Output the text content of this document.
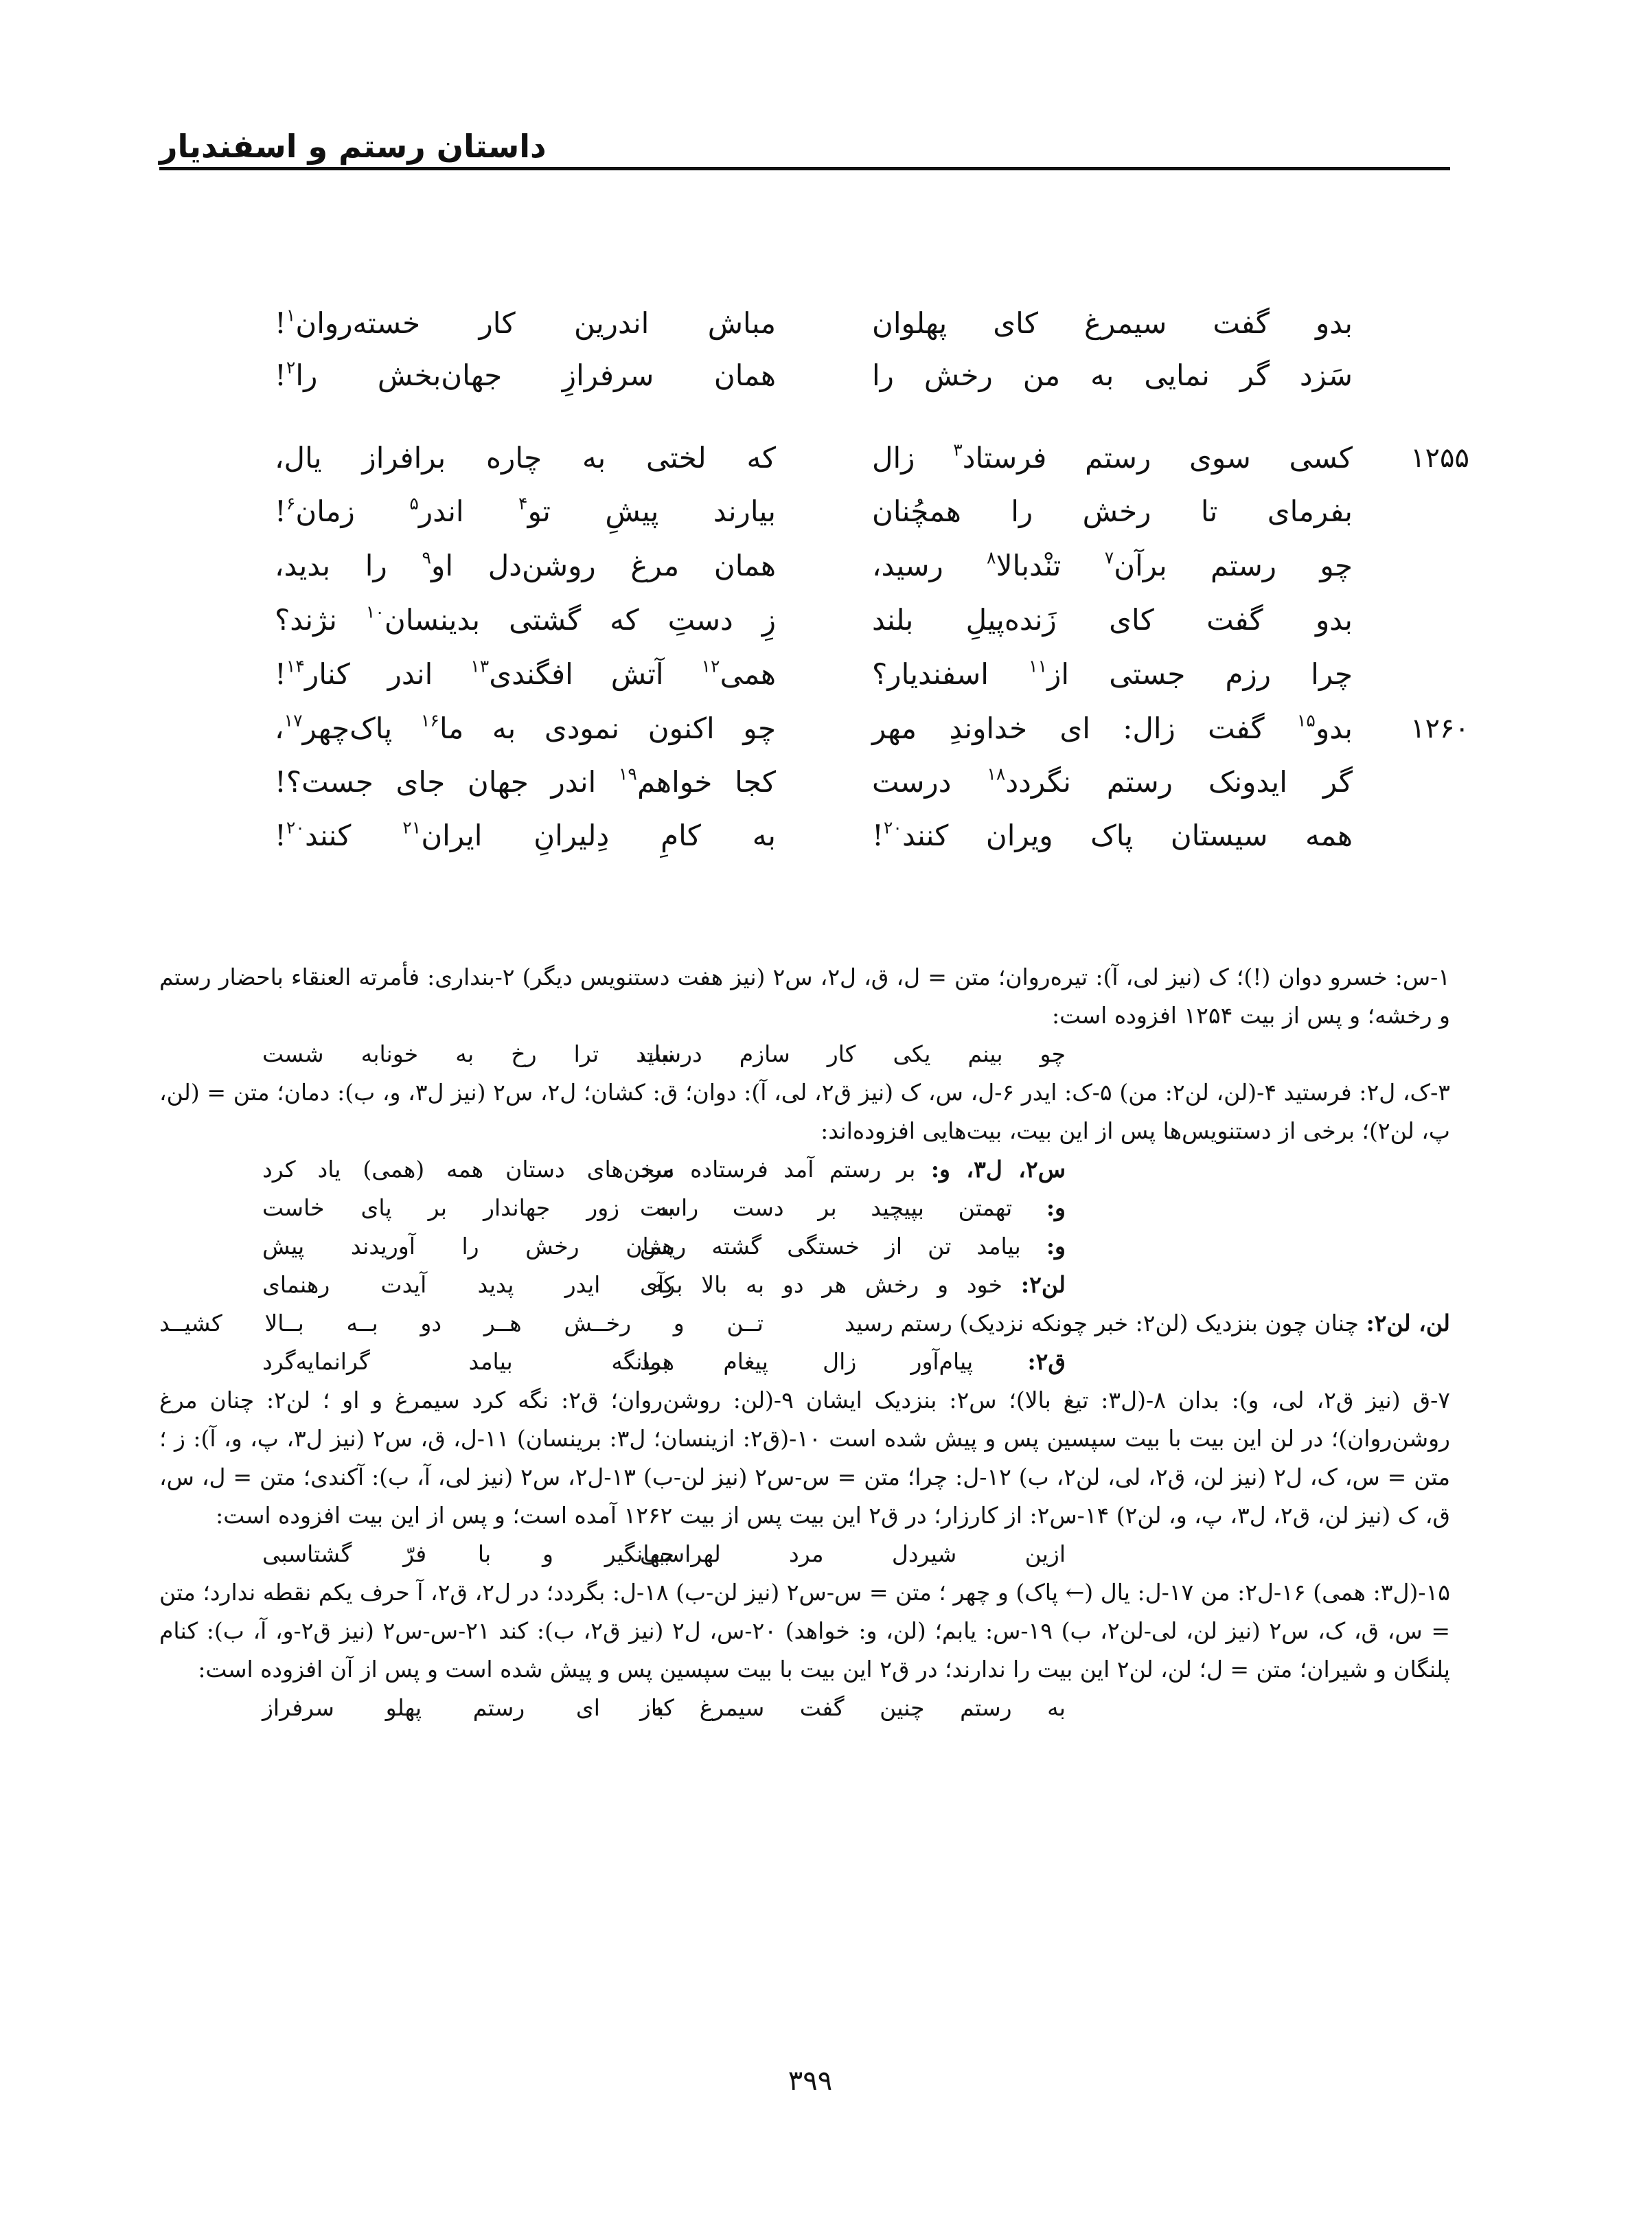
داستان رستم و اسفندیار
بدو گفت سیمرغ کای پهلوان
مباش اندرین کار خسته‌روان$^۱$!
سَزد گر نمایی به من رخش را
همان سرفرازِ جهان‌بخش را$^۲$!
۱۲۵۵
کسی سوی رستم فرستاد$^۳$ زال
که لختی به چاره برافراز یال،
بفرمای تا رخش را همچُنان
بیارند پیشِ تو$^۴$ اندر$^۵$ زمان$^۶$!
چو رستم برآن$^۷$ تنْدبالا$^۸$ رسید،
همان مرغ روشن‌دل او$^۹$ را بدید،
بدو گفت کای زَنده‌پیلِ بلند
زِ دستِ که گشتی بدینسان$^{۱۰}$ نژند؟
چرا رزم جستی از$^{۱۱}$ اسفندیار؟
همی$^{۱۲}$ آتش افگندی$^{۱۳}$ اندر کنار$^{۱۴}$!
۱۲۶۰
بدو$^{۱۵}$ گفت زال: ای خداوندِ مهر
چو اکنون نمودی به ما$^{۱۶}$ پاک‌چهر$^{۱۷}$،
گر ایدونک رستم نگردد$^{۱۸}$ درست
کجا خواهم$^{۱۹}$ اندر جهان جای جست؟!
همه سیستان پاک ویران کنند$^{۲۰}$!
به کامِ دِلیرانِ ایران$^{۲۱}$ کنند$^{۲۰}$!

۱-س: خسرو دوان (!)؛ ک (نیز لی، آ): تیره‌روان؛ متن = ل، ق، ل۲، س۲ (نیز هفت دستنویس دیگر) ۲-بنداری: فأمرته العنقاء باحضار رستم و رخشه؛ و پس از بیت ۱۲۵۴ افزوده است:

چو بینم یکی کار سازم درست
نباید ترا رخ به خونابه شست

۳-ک، ل۲: فرستید ۴-(لن، لن۲: من) ۵-ک: ایدر ۶-ل، س، ک (نیز ق۲، لی، آ): دوان؛ ق: کشان؛ ل۲، س۲ (نیز ل۳، و، ب): دمان؛ متن = (لن، پ، لن۲)؛ برخی از دستنویس‌ها پس از این بیت، بیت‌هایی افزوده‌اند:

س۲، ل۳، و: بر رستم آمد فرستاده مرد
سخن‌های دستان همه (همی) یاد کرد
و: تهمتن بپیچید بر دست راست
به زور جهاندار بر پای خاست
و: بیامد تن از خستگی گشته ریش
همان رخش را آوریدند پیش
لن۲: خود و رخش هر دو به بالا برآی
که ایدر پدید آیدت رهنمای
لن، لن۲: چنان چون بنزدیک (لن۲: خبر چونکه نزدیک) رستم رسید
تــن و رخــش هــر دو بــه بــالا کشیــد
ق۲: پیام‌آور زال پیغام برد
همانگه بیامد گرانمایه‌گرد

۷-ق (نیز ق۲، لی، و): بدان ۸-(ل۳: تیغ بالا)؛ س۲: بنزدیک ایشان ۹-(لن: روشن‌روان؛ ق۲: نگه کرد سیمرغ و او ؛ لن۲: چنان مرغ روشن‌روان)؛ در لن این بیت با بیت سپسین پس و پیش شده است ۱۰-(ق۲: ازینسان؛ ل۳: برینسان) ۱۱-ل، ق، س۲ (نیز ل۳، پ، و، آ): ز ؛ متن = س، ک، ل۲ (نیز لن، ق۲، لی، لن۲، ب) ۱۲-ل: چرا؛ متن = س-س۲ (نیز لن-ب) ۱۳-ل۲، س۲ (نیز لی، آ، ب): آکندی؛ متن = ل، س، ق، ک (نیز لن، ق۲، ل۳، پ، و، لن۲) ۱۴-س۲: از کارزار؛ در ق۲ این بیت پس از بیت ۱۲۶۲ آمده است؛ و پس از این بیت افزوده است:

ازین شیردل مرد لهراسبی
جهانگیر و با فرّ گشتاسبی

۱۵-(ل۳: همی) ۱۶-ل۲: من ۱۷-ل: یال (← پاک) و چهر ؛ متن = س-س۲ (نیز لن-ب) ۱۸-ل: بگردد؛ در ل۲، ق۲، آ حرف یکم نقطه ندارد؛ متن = س، ق، ک، س۲ (نیز لن، لی-لن۲، ب) ۱۹-س: یابم؛ (لن، و: خواهد) ۲۰-س، ل۲ (نیز ق۲، ب): کند ۲۱-س-س۲ (نیز ق۲-و، آ، ب): کنام پلنگان و شیران؛ متن = ل؛ لن، لن۲ این بیت را ندارند؛ در ق۲ این بیت با بیت سپسین پس و پیش شده است و پس از آن افزوده است:

به رستم چنین گفت سیمرغ باز
که ای رستم پهلو سرفراز
۳۹۹
